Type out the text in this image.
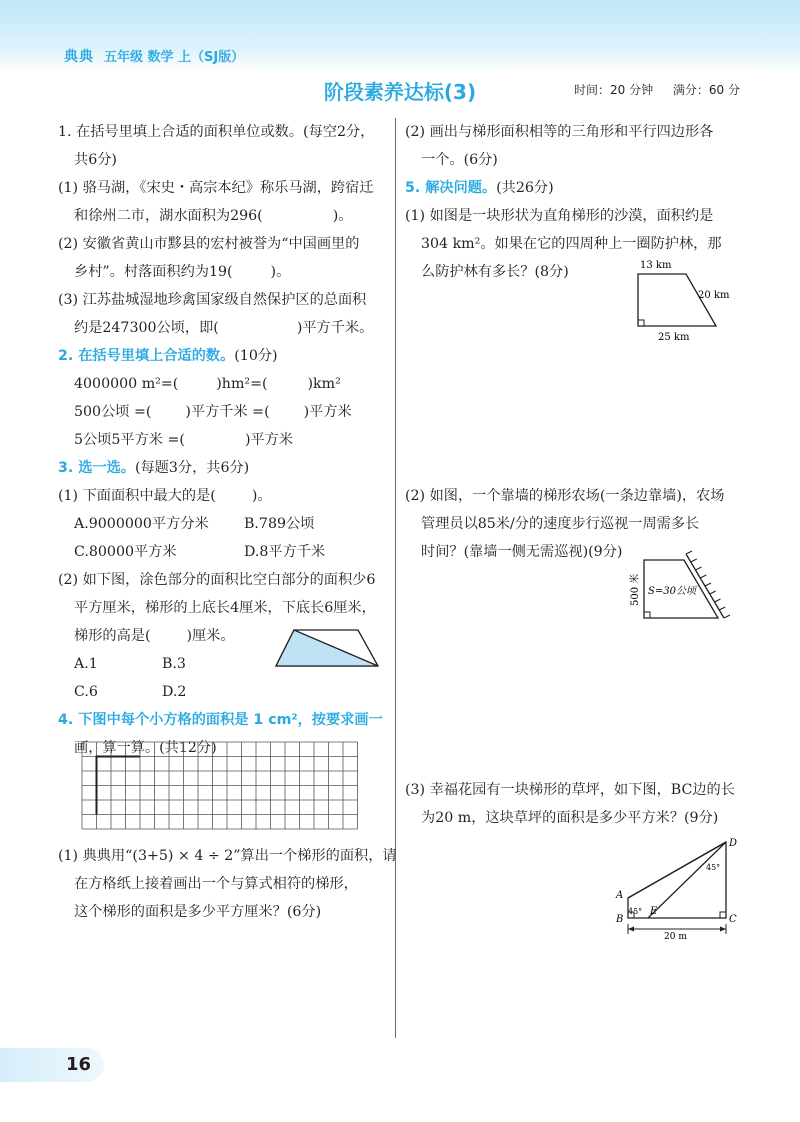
典典 五年级 数学 上（SJ版）
阶段素养达标(3)	时间：20 分钟 满分：60 分
1. 在括号里填上合适的面积单位或数。(每空2分，
共6分)
(1) 骆马湖，《宋史・高宗本纪》称乐马湖，跨宿迁
和徐州二市，湖水面积为296(	)。
(2) 安徽省黄山市黟县的宏村被誉为“中国画里的
乡村”。村落面积约为19(	)。
(3) 江苏盐城湿地珍禽国家级自然保护区的总面积
约是247300公顷，即(	)平方千米。
2. 在括号里填上合适的数。(10分)
4000000 m²=(	)hm²=(	)km²
500公顷 =( )平方千米 =( )平方米
5公顷5平方米 =(	)平方米
3. 选一选。(每题3分，共6分)
(1) 下面面积中最大的是(	)。
A.9000000平方分米 B.789公顷
C.80000平方米	D.8平方千米
(2) 如下图，涂色部分的面积比空白部分的面积少6
平方厘米，梯形的上底长4厘米，下底长6厘米，
梯形的高是(	)厘米。
A.1	B.3
C.6	D.2
4. 下图中每个小方格的面积是 1 cm²，按要求画一
画，算一算。(共12分)
(1) 典典用“(3+5) × 4 ÷ 2”算出一个梯形的面积，请
在方格纸上接着画出一个与算式相符的梯形，
这个梯形的面积是多少平方厘米？(6分)
(2) 画出与梯形面积相等的三角形和平行四边形各
一个。(6分)
5. 解决问题。(共26分)
(1) 如图是一块形状为直角梯形的沙漠，面积约是
304 km²。如果在它的四周种上一圈防护林，那
么防护林有多长？(8分)	13 km
20 km
25 km
(2) 如图，一个靠墙的梯形农场(一条边靠墙)，农场
管理员以85米/分的速度步行巡视一周需多长
时间？(靠墙一侧无需巡视)(9分)
500 米 S=30公顷
(3) 幸福花园有一块梯形的草坪，如下图，BC边的长
为20 m，这块草坪的面积是多少平方米？(9分)
A
B	C
D
E
45°
45°
20 m
16
